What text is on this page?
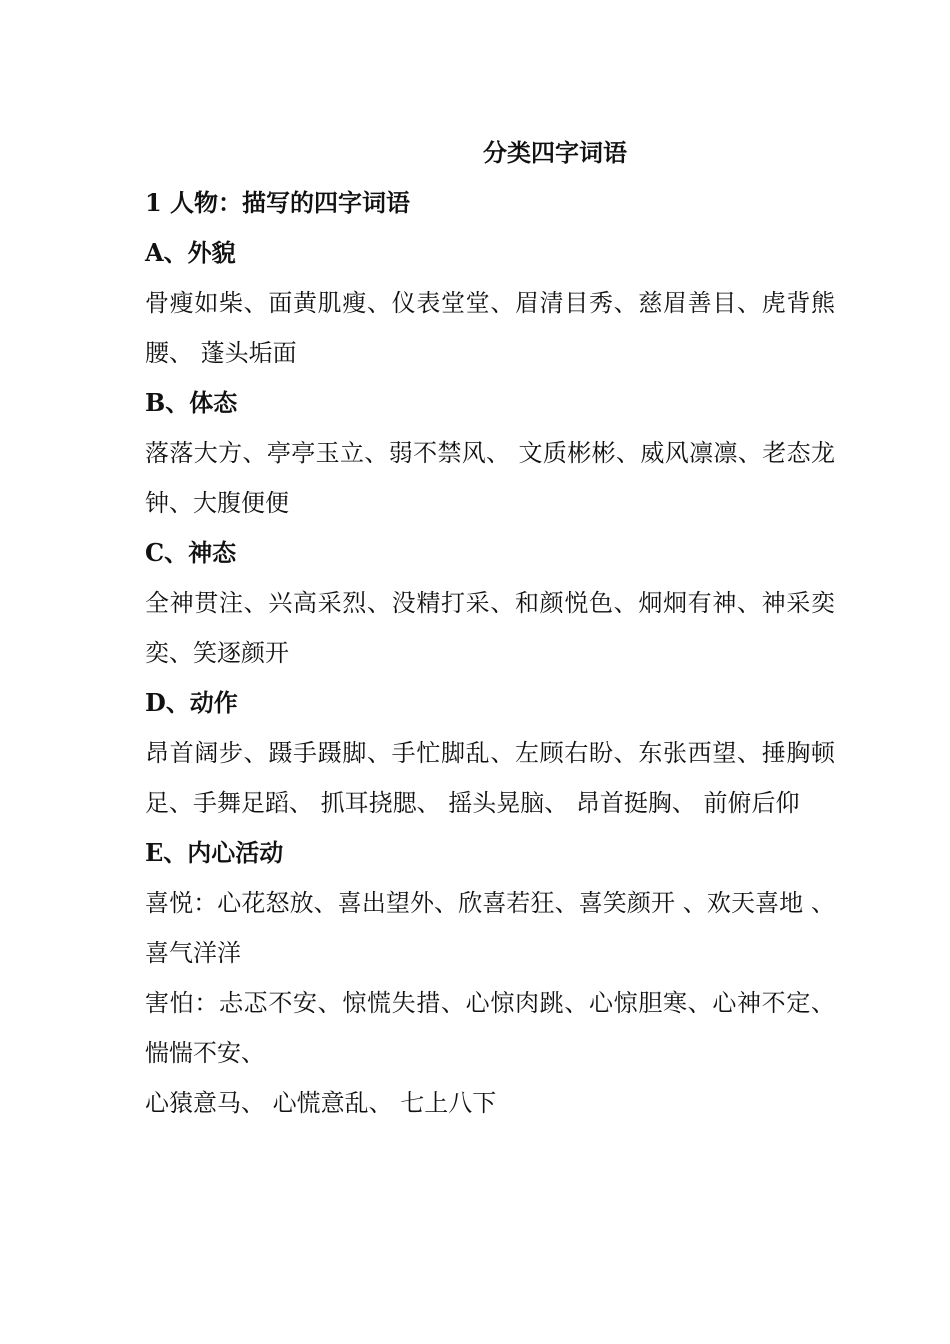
分类四字词语
1 人物：描写的四字词语
A、外貌

骨瘦如柴、面黄肌瘦、仪表堂堂、眉清目秀、慈眉善目、虎背熊腰、 蓬头垢面

B、体态

落落大方、亭亭玉立、弱不禁风、 文质彬彬、威风凛凛、老态龙钟、大腹便便

C、神态

全神贯注、兴高采烈、没精打采、和颜悦色、炯炯有神、神采奕奕、笑逐颜开

D、动作

昂首阔步、蹑手蹑脚、手忙脚乱、左顾右盼、东张西望、捶胸顿足、手舞足蹈、 抓耳挠腮、 摇头晃脑、 昂首挺胸、 前俯后仰

E、内心活动

喜悦：心花怒放、喜出望外、欣喜若狂、喜笑颜开 、欢天喜地 、喜气洋洋

害怕：忐忑不安、惊慌失措、心惊肉跳、心惊胆寒、心神不定、惴惴不安、

心猿意马、 心慌意乱、 七上八下
